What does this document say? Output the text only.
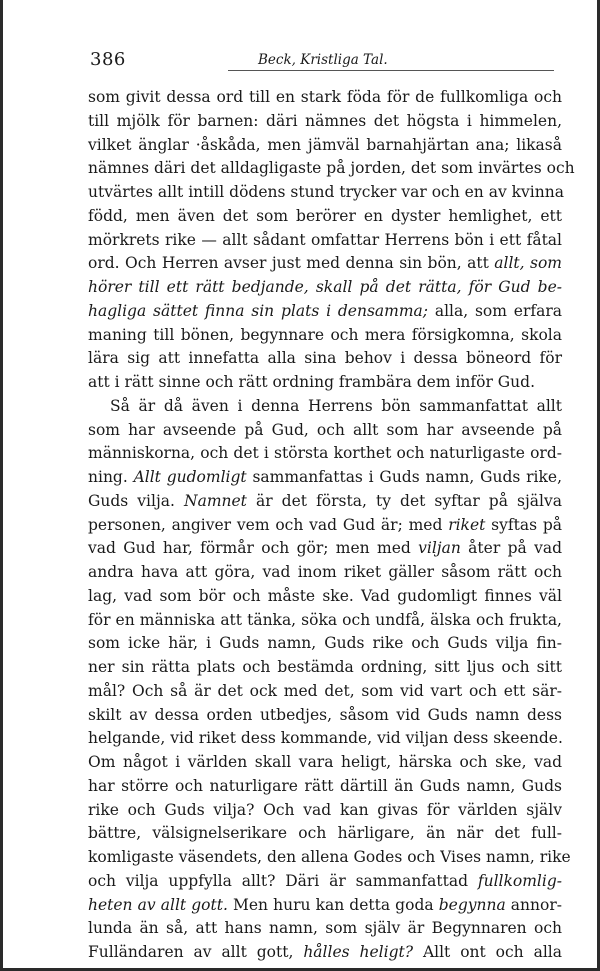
386	Beck, Kristliga Tal.
som givit dessa ord till en stark föda för de fullkomliga och
till mjölk för barnen: däri nämnes det högsta i himmelen,
vilket änglar ·åskåda, men jämväl barnahjärtan ana; likaså
nämnes däri det alldagligaste på jorden, det som invärtes och
utvärtes allt intill dödens stund trycker var och en av kvinna
född, men även det som berörer en dyster hemlighet, ett
mörkrets rike — allt sådant omfattar Herrens bön i ett fåtal
ord. Och Herren avser just med denna sin bön, att allt, som
hörer till ett rätt bedjande, skall på det rätta, för Gud be-
hagliga sättet finna sin plats i densamma; alla, som erfara
maning till bönen, begynnare och mera försigkomna, skola
lära sig att innefatta alla sina behov i dessa böneord för
att i rätt sinne och rätt ordning frambära dem inför Gud.
Så är då även i denna Herrens bön sammanfattat allt
som har avseende på Gud, och allt som har avseende på
människorna, och det i största korthet och naturligaste ord-
ning. Allt gudomligt sammanfattas i Guds namn, Guds rike,
Guds vilja. Namnet är det första, ty det syftar på själva
personen, angiver vem och vad Gud är; med riket syftas på
vad Gud har, förmår och gör; men med viljan åter på vad
andra hava att göra, vad inom riket gäller såsom rätt och
lag, vad som bör och måste ske. Vad gudomligt finnes väl
för en människa att tänka, söka och undfå, älska och frukta,
som icke här, i Guds namn, Guds rike och Guds vilja fin-
ner sin rätta plats och bestämda ordning, sitt ljus och sitt
mål? Och så är det ock med det, som vid vart och ett sär-
skilt av dessa orden utbedjes, såsom vid Guds namn dess
helgande, vid riket dess kommande, vid viljan dess skeende.
Om något i världen skall vara heligt, härska och ske, vad
har större och naturligare rätt därtill än Guds namn, Guds
rike och Guds vilja? Och vad kan givas för världen själv
bättre, välsignelserikare och härligare, än när det full-
komligaste väsendets, den allena Godes och Vises namn, rike
och vilja uppfylla allt? Däri är sammanfattad fullkomlig-
heten av allt gott. Men huru kan detta goda begynna annor-
lunda än så, att hans namn, som själv är Begynnaren och
Fulländaren av allt gott, hålles heligt? Allt ont och alla
